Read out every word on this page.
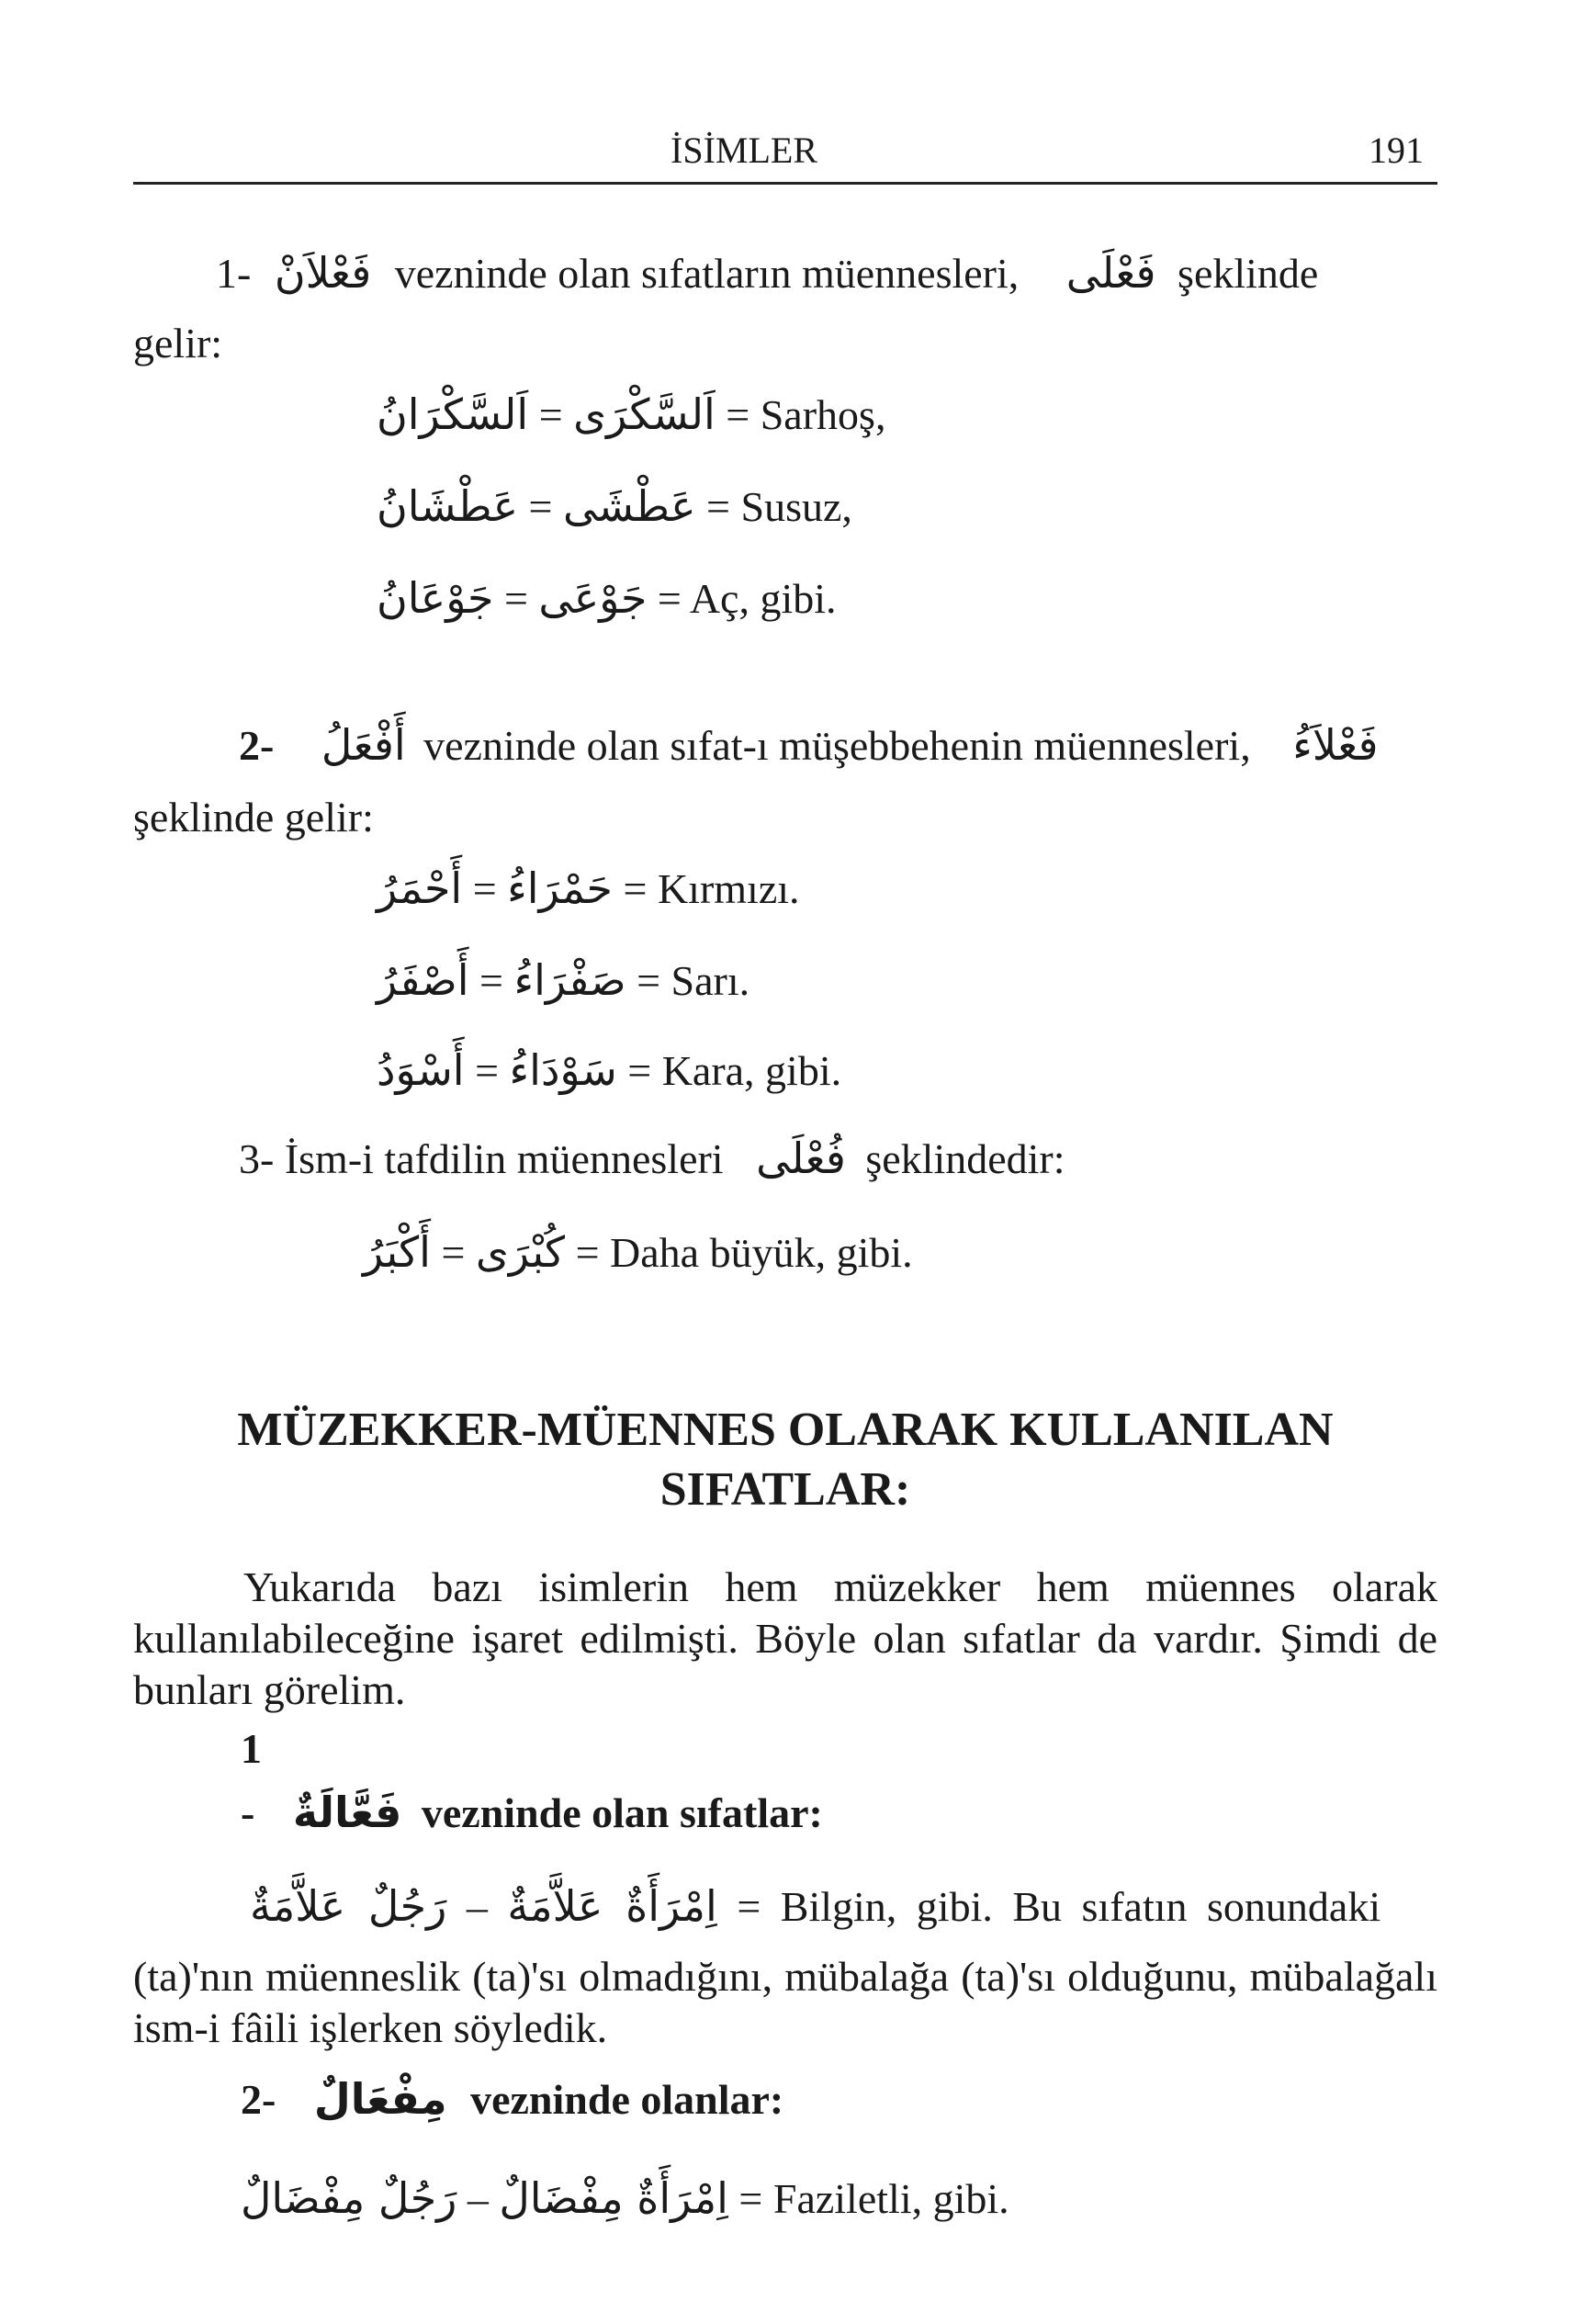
İSİMLER	191
1- فَعْلاَنْ vezninde olan sıfatların müennesleri, فَعْلَى şeklinde
gelir:
اَلسَّكْرَانُ = اَلسَّكْرَى = Sarhoş,
عَطْشَانُ = عَطْشَى = Susuz,
جَوْعَانُ = جَوْعَى = Aç, gibi.
2- أَفْعَلُ vezninde olan sıfat-ı müşebbehenin müennesleri, فَعْلاَءُ
şeklinde gelir:
أَحْمَرُ = حَمْرَاءُ = Kırmızı.
أَصْفَرُ = صَفْرَاءُ = Sarı.
أَسْوَدُ = سَوْدَاءُ = Kara, gibi.
3- İsm-i tafdilin müennesleri فُعْلَى şeklindedir:
أَكْبَرُ = كُبْرَى = Daha büyük, gibi.
MÜZEKKER-MÜENNES OLARAK KULLANILAN
SIFATLAR:
Yukarıda bazı isimlerin hem müzekker hem müennes olarak kullanılabileceğine işaret edilmişti. Böyle olan sıfatlar da vardır. Şimdi de bunları görelim.
1
- فَعَّالَةٌ vezninde olan sıfatlar:
رَجُلٌ عَلاَّمَةٌ – اِمْرَأَةٌ عَلاَّمَةٌ = Bilgin, gibi. Bu sıfatın sonundaki
(ta)'nın müenneslik (ta)'sı olmadığını, mübalağa (ta)'sı olduğunu, mübalağalı ism-i fâili işlerken söyledik.
2- مِفْعَالٌ vezninde olanlar:
رَجُلٌ مِفْضَالٌ – اِمْرَأَةٌ مِفْضَالٌ = Faziletli, gibi.
